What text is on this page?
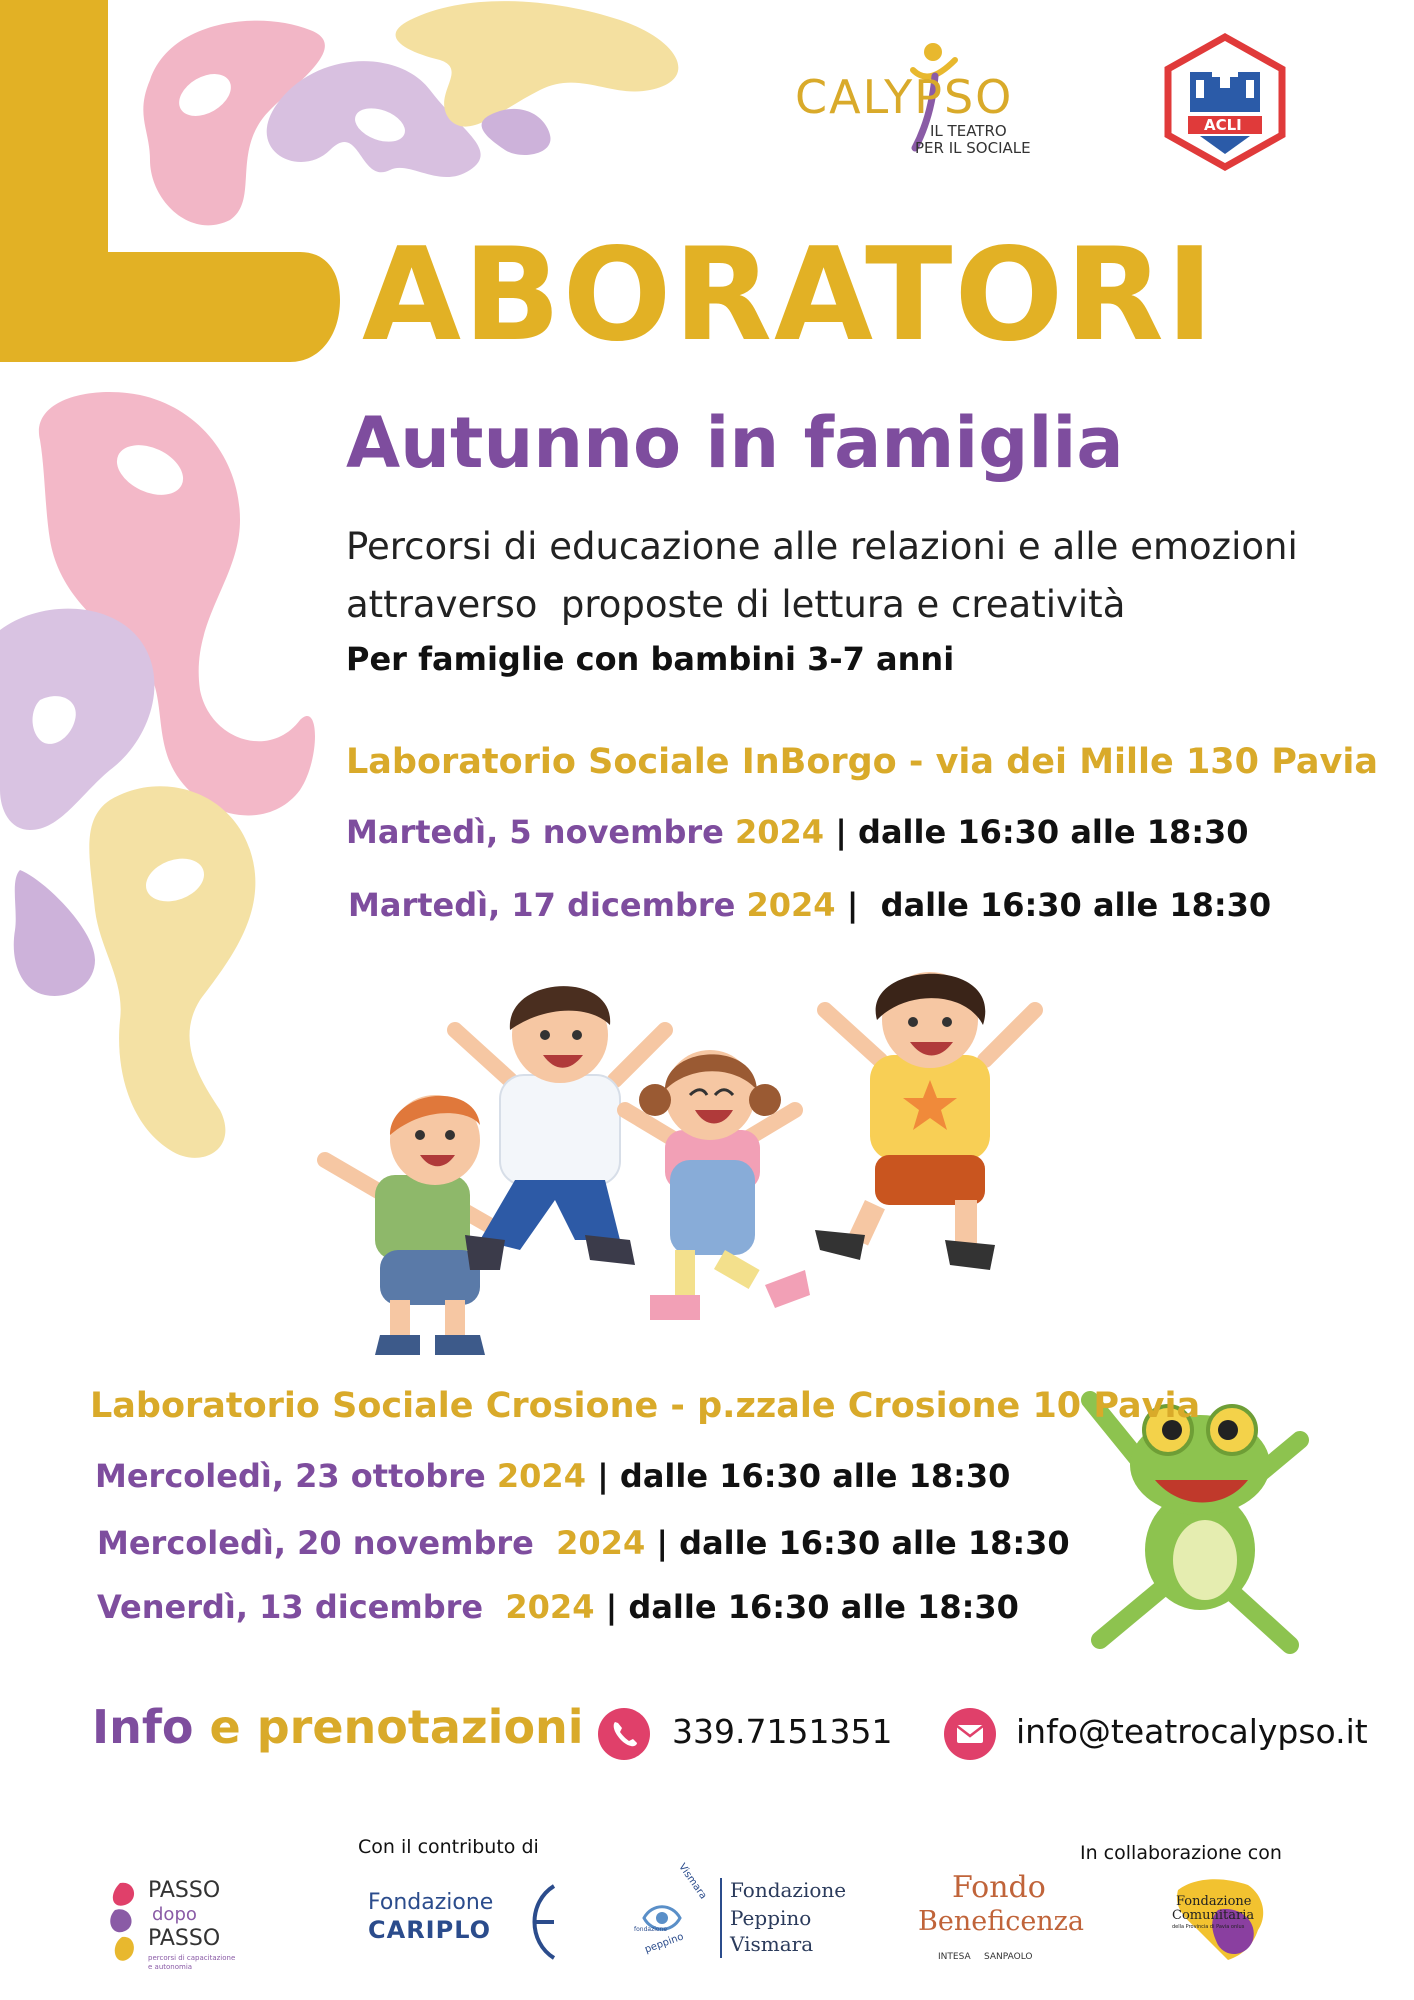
ABORATORI
Autunno in famiglia
Percorsi di educazione alle relazioni e alle emozioni
attraverso  proposte di lettura e creatività
Per famiglie con bambini 3-7 anni
CALYPSO
IL TEATRO
PER IL SOCIALE
ACLI
Laboratorio Sociale InBorgo - via dei Mille 130 Pavia
Martedì, 5 novembre 2024 | dalle 16:30 alle 18:30
Martedì, 17 dicembre 2024 |  dalle 16:30 alle 18:30
Laboratorio Sociale Crosione - p.zzale Crosione 10 Pavia
Mercoledì, 23 ottobre 2024 | dalle 16:30 alle 18:30
Mercoledì, 20 novembre  2024 | dalle 16:30 alle 18:30
Venerdì, 13 dicembre  2024 | dalle 16:30 alle 18:30
Info e prenotazioni	339.7151351	info@teatrocalypso.it
Con il contributo di	In collaborazione con
PASSO
dopo
PASSO
percorsi di capacitazione
e autonomia
Fondazione
CARIPLO
Vismara
peppino
fondazione
Fondazione
Peppino
Vismara
Fondo
Beneficenza
INTESA SANPAOLO
Fondazione
Comunitaria
della Provincia di Pavia onlus
